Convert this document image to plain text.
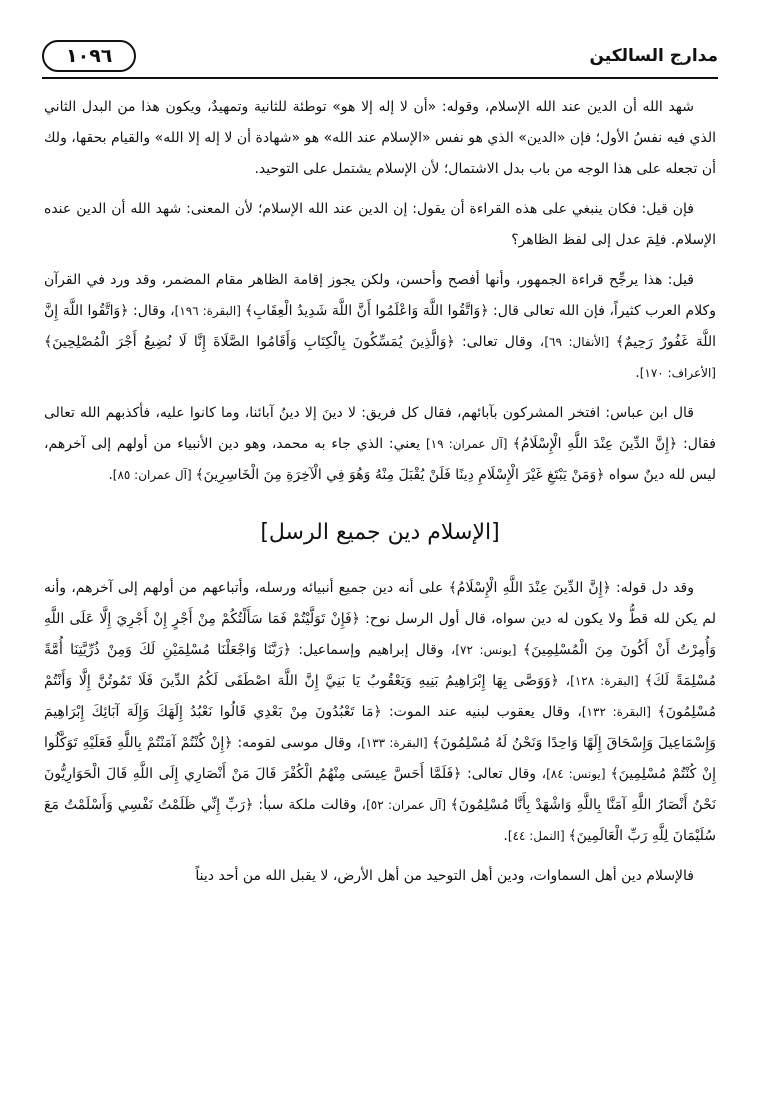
مدارج السالكين
١٠٩٦

شهد الله أن الدين عند الله الإسلام، وقوله: «أن لا إله إلا هو» توطئة للثانية وتمهيدٌ، ويكون هذا من البدل الثاني الذي فيه نفسُ الأول؛ فإن «الدين» الذي هو نفس «الإسلام عند الله» هو «شهادة أن لا إله إلا الله» والقيام بحقها، ولك أن تجعله على هذا الوجه من باب بدل الاشتمال؛ لأن الإسلام يشتمل على التوحيد.

فإن قيل: فكان ينبغي على هذه القراءة أن يقول: إن الدين عند الله الإسلام؛ لأن المعنى: شهد الله أن الدين عنده الإسلام. فلِمَ عدل إلى لفظ الظاهر؟

قيل: هذا يرجِّح قراءة الجمهور، وأنها أفصح وأحسن، ولكن يجوز إقامة الظاهر مقام المضمر، وقد ورد في القرآن وكلام العرب كثيراً، فإن الله تعالى قال: ﴿وَاتَّقُوا اللَّهَ وَاعْلَمُوا أَنَّ اللَّهَ شَدِيدُ الْعِقَابِ﴾ [البقرة: ١٩٦]، وقال: ﴿وَاتَّقُوا اللَّهَ إِنَّ اللَّهَ غَفُورٌ رَحِيمٌ﴾ [الأنفال: ٦٩]، وقال تعالى: ﴿وَالَّذِينَ يُمَسِّكُونَ بِالْكِتَابِ وَأَقَامُوا الصَّلَاةَ إِنَّا لَا نُضِيعُ أَجْرَ الْمُصْلِحِينَ﴾ [الأعراف: ١٧٠].

قال ابن عباس: افتخر المشركون بآبائهم، فقال كل فريق: لا دينَ إلا دينُ آبائنا، وما كانوا عليه، فأكذبهم الله تعالى فقال: ﴿إِنَّ الدِّينَ عِنْدَ اللَّهِ الْإِسْلَامُ﴾ [آل عمران: ١٩] يعني: الذي جاء به محمد، وهو دين الأنبياء من أولهم إلى آخرهم، ليس لله دينٌ سواه ﴿وَمَنْ يَبْتَغِ غَيْرَ الْإِسْلَامِ دِينًا فَلَنْ يُقْبَلَ مِنْهُ وَهُوَ فِي الْآخِرَةِ مِنَ الْخَاسِرِينَ﴾ [آل عمران: ٨٥].

[الإسلام دين جميع الرسل]

وقد دل قوله: ﴿إِنَّ الدِّينَ عِنْدَ اللَّهِ الْإِسْلَامُ﴾ على أنه دين جميع أنبيائه ورسله، وأتباعهم من أولهم إلى آخرهم، وأنه لم يكن لله قطُّ ولا يكون له دين سواه، قال أول الرسل نوح: ﴿فَإِنْ تَوَلَّيْتُمْ فَمَا سَأَلْتُكُمْ مِنْ أَجْرٍ إِنْ أَجْرِيَ إِلَّا عَلَى اللَّهِ وَأُمِرْتُ أَنْ أَكُونَ مِنَ الْمُسْلِمِينَ﴾ [يونس: ٧٢]، وقال إبراهيم وإسماعيل: ﴿رَبَّنَا وَاجْعَلْنَا مُسْلِمَيْنِ لَكَ وَمِنْ ذُرِّيَّتِنَا أُمَّةً مُسْلِمَةً لَكَ﴾ [البقرة: ١٢٨]، ﴿وَوَصَّى بِهَا إِبْرَاهِيمُ بَنِيهِ وَيَعْقُوبُ يَا بَنِيَّ إِنَّ اللَّهَ اصْطَفَى لَكُمُ الدِّينَ فَلَا تَمُوتُنَّ إِلَّا وَأَنْتُمْ مُسْلِمُونَ﴾ [البقرة: ١٣٢]، وقال يعقوب لبنيه عند الموت: ﴿مَا تَعْبُدُونَ مِنْ بَعْدِي قَالُوا نَعْبُدُ إِلَهَكَ وَإِلَهَ آبَائِكَ إِبْرَاهِيمَ وَإِسْمَاعِيلَ وَإِسْحَاقَ إِلَهًا وَاحِدًا وَنَحْنُ لَهُ مُسْلِمُونَ﴾ [البقرة: ١٣٣]، وقال موسى لقومه: ﴿إِنْ كُنْتُمْ آمَنْتُمْ بِاللَّهِ فَعَلَيْهِ تَوَكَّلُوا إِنْ كُنْتُمْ مُسْلِمِينَ﴾ [يونس: ٨٤]، وقال تعالى: ﴿فَلَمَّا أَحَسَّ عِيسَى مِنْهُمُ الْكُفْرَ قَالَ مَنْ أَنْصَارِي إِلَى اللَّهِ قَالَ الْحَوَارِيُّونَ نَحْنُ أَنْصَارُ اللَّهِ آمَنَّا بِاللَّهِ وَاشْهَدْ بِأَنَّا مُسْلِمُونَ﴾ [آل عمران: ٥٢]، وقالت ملكة سبأ: ﴿رَبِّ إِنِّي ظَلَمْتُ نَفْسِي وَأَسْلَمْتُ مَعَ سُلَيْمَانَ لِلَّهِ رَبِّ الْعَالَمِينَ﴾ [النمل: ٤٤].

فالإسلام دين أهل السماوات، ودين أهل التوحيد من أهل الأرض، لا يقبل الله من أحد ديناً
